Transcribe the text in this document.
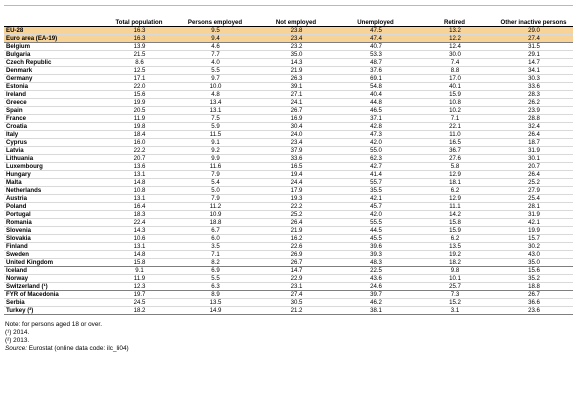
	Total population	Persons employed	Not employed	Unemployed	Retired	Other inactive persons
EU-28	16.3	9.5	23.8	47.5	13.2	29.0
Euro area (EA-19)	16.3	9.4	23.4	47.4	12.2	27.4
Belgium	13.9	4.6	23.2	40.7	12.4	31.5
Bulgaria	21.5	7.7	35.0	53.3	30.0	29.1
Czech Republic	8.6	4.0	14.3	48.7	7.4	14.7
Denmark	12.5	5.5	21.9	37.6	8.8	34.1
Germany	17.1	9.7	26.3	69.1	17.0	30.3
Estonia	22.0	10.0	39.1	54.8	40.1	33.6
Ireland	15.6	4.8	27.1	40.4	15.9	28.3
Greece	19.9	13.4	24.1	44.8	10.8	26.2
Spain	20.5	13.1	26.7	46.5	10.2	23.9
France	11.9	7.5	16.9	37.1	7.1	28.8
Croatia	19.8	5.9	30.4	42.8	22.1	32.4
Italy	18.4	11.5	24.0	47.3	11.0	26.4
Cyprus	16.0	9.1	23.4	42.0	16.5	18.7
Latvia	22.2	9.2	37.9	55.0	36.7	31.9
Lithuania	20.7	9.9	33.6	62.3	27.6	30.1
Luxembourg	13.6	11.6	16.5	42.7	5.8	20.7
Hungary	13.1	7.9	19.4	41.4	12.9	26.4
Malta	14.8	5.4	24.4	55.7	18.1	25.2
Netherlands	10.8	5.0	17.9	35.5	6.2	27.9
Austria	13.1	7.9	19.3	42.1	12.9	25.4
Poland	16.4	11.2	22.2	45.7	11.1	28.1
Portugal	18.3	10.9	25.2	42.0	14.2	31.9
Romania	22.4	18.8	26.4	55.5	15.8	42.1
Slovenia	14.3	6.7	21.9	44.5	15.9	19.9
Slovakia	10.6	6.0	16.2	45.5	6.2	15.7
Finland	13.1	3.5	22.6	39.6	13.5	30.2
Sweden	14.8	7.1	26.9	39.3	19.2	43.0
United Kingdom	15.8	8.2	26.7	48.3	18.2	35.0
Iceland	9.1	6.9	14.7	22.5	9.8	15.6
Norway	11.9	5.5	22.9	43.6	10.1	35.2
Switzerland (¹)	12.3	6.3	23.1	24.6	25.7	18.8
FYR of Macedonia	19.7	8.9	27.4	39.7	7.3	26.7
Serbia	24.5	13.5	30.5	46.2	15.2	36.6
Turkey (²)	18.2	14.9	21.2	38.1	3.1	23.6
Note: for persons aged 18 or over.
(¹) 2014.
(²) 2013.
Source: Eurostat (online data code: ilc_li04)
